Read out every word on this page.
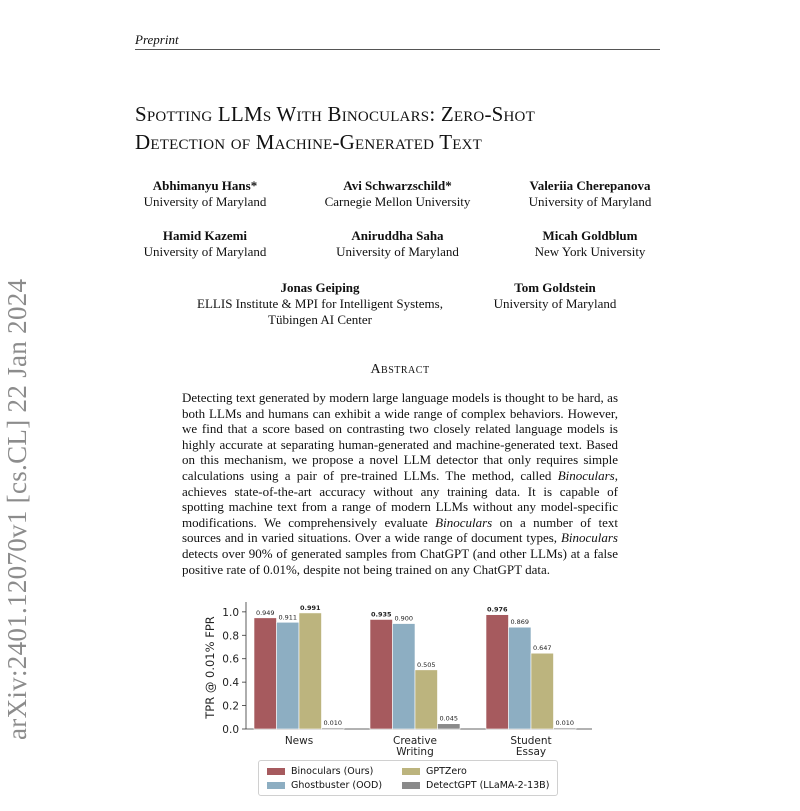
Preprint
Spotting LLMs With Binoculars: Zero-Shot
Detection of Machine-Generated Text
Abhimanyu Hans*
University of Maryland
Avi Schwarzschild*
Carnegie Mellon University
Valeriia Cherepanova
University of Maryland
Hamid Kazemi
University of Maryland
Aniruddha Saha
University of Maryland
Micah Goldblum
New York University
Jonas Geiping
ELLIS Institute & MPI for Intelligent Systems,
Tübingen AI Center
Tom Goldstein
University of Maryland
arXiv:2401.12070v1 [cs.CL] 22 Jan 2024	Abstract
Detecting text generated by modern large language models is thought to be hard, as both LLMs and humans can exhibit a wide range of complex behaviors. However, we find that a score based on contrasting two closely related language models is highly accurate at separating human-generated and machine-generated text. Based on this mechanism, we propose a novel LLM detector that only requires simple calculations using a pair of pre-trained LLMs. The method, called Binoculars, achieves state-of-the-art accuracy without any training data. It is capable of spotting machine text from a range of modern LLMs without any model-specific modifications. We comprehensively evaluate Binoculars on a number of text sources and in varied situations. Over a wide range of document types, Binoculars detects over 90% of generated samples from ChatGPT (and other LLMs) at a false positive rate of 0.01%, despite not being trained on any ChatGPT data.
0.0
0.2
0.4
0.6
0.8
1.0
TPR @ 0.01% FPR
0.949	0.935
0.976
0.911	0.900	0.869
0.991
0.505
0.647
0.010
0.045
0.010
News	Creative
Writing
Student
Essay
Binoculars (Ours)
Ghostbuster (OOD)
GPTZero
DetectGPT (LLaMA-2-13B)
